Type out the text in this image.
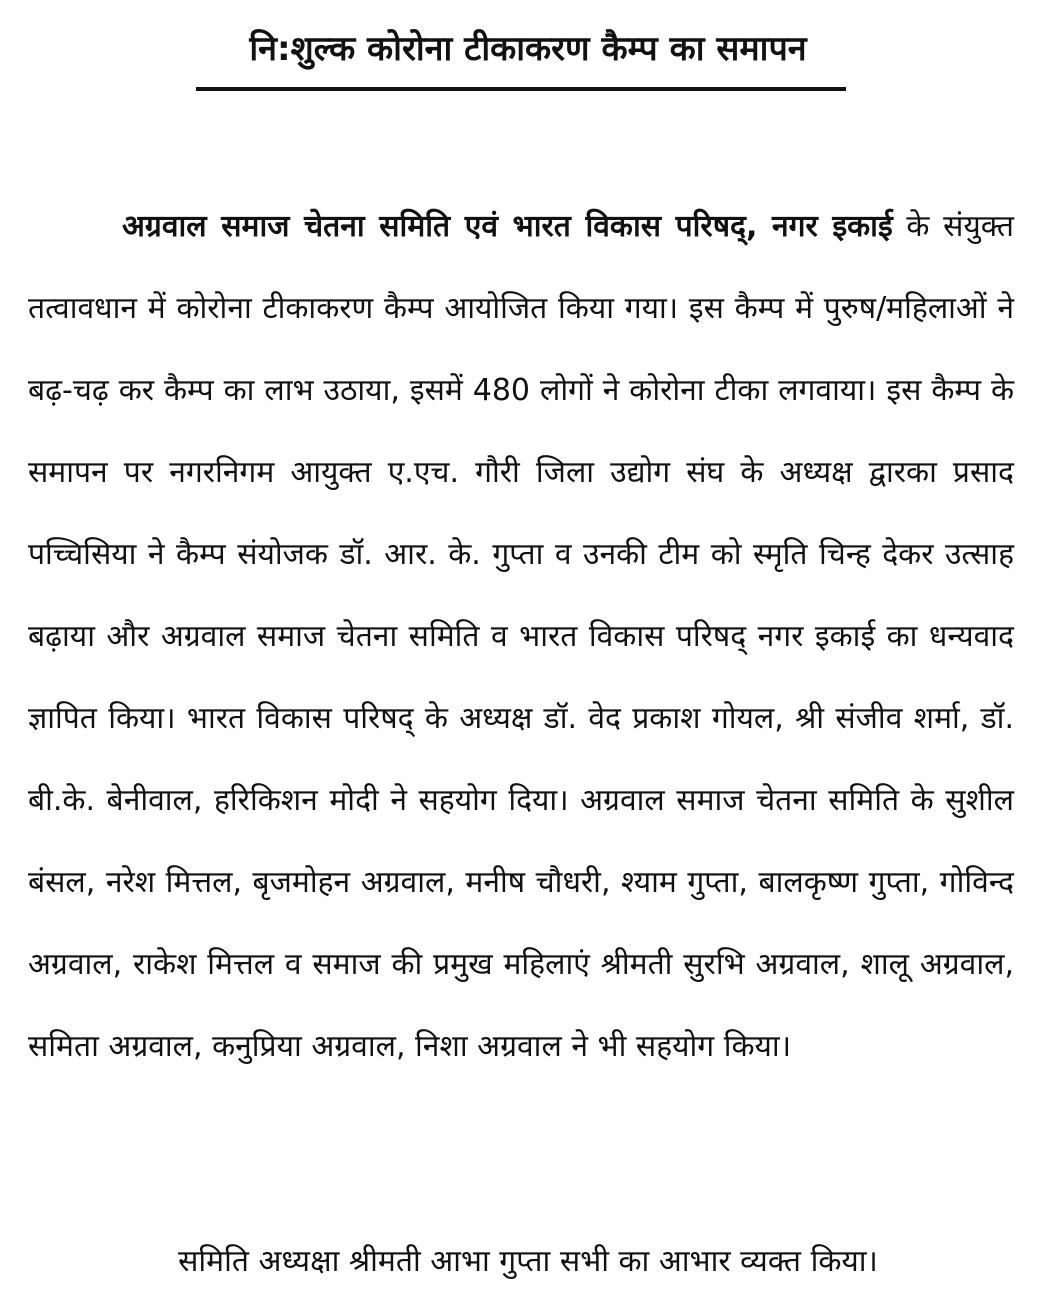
नि:शुल्क कोरोना टीकाकरण कैम्प का समापन

अग्रवाल समाज चेतना समिति एवं भारत विकास परिषद्, नगर इकाई के संयुक्त तत्वावधान में कोरोना टीकाकरण कैम्प आयोजित किया गया। इस कैम्प में पुरुष/महिलाओं ने बढ़-चढ़ कर कैम्प का लाभ उठाया, इसमें 480 लोगों ने कोरोना टीका लगवाया। इस कैम्प के समापन पर नगरनिगम आयुक्त ए.एच. गौरी जिला उद्योग संघ के अध्यक्ष द्वारका प्रसाद पच्चिसिया ने कैम्प संयोजक डॉ. आर. के. गुप्ता व उनकी टीम को स्मृति चिन्ह देकर उत्साह बढ़ाया और अग्रवाल समाज चेतना समिति व भारत विकास परिषद् नगर इकाई का धन्यवाद ज्ञापित किया। भारत विकास परिषद् के अध्यक्ष डॉ. वेद प्रकाश गोयल, श्री संजीव शर्मा, डॉ. बी.के. बेनीवाल, हरिकिशन मोदी ने सहयोग दिया। अग्रवाल समाज चेतना समिति के सुशील बंसल, नरेश मित्तल, बृजमोहन अग्रवाल, मनीष चौधरी, श्याम गुप्ता, बालकृष्ण गुप्ता, गोविन्द अग्रवाल, राकेश मित्तल व समाज की प्रमुख महिलाएं श्रीमती सुरभि अग्रवाल, शालू अग्रवाल, समिता अग्रवाल, कनुप्रिया अग्रवाल, निशा अग्रवाल ने भी सहयोग किया।

समिति अध्यक्षा श्रीमती आभा गुप्ता सभी का आभार व्यक्त किया।
